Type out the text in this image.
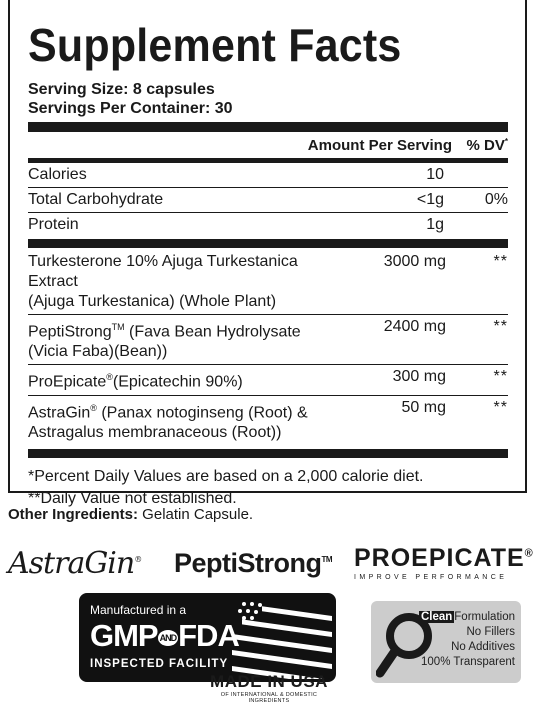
Supplement Facts
Serving Size: 8 capsules
Servings Per Container: 30
Amount Per Serving % DV*
Calories	10
Total Carbohydrate	<1g	0%
Protein	1g
Turkesterone 10% Ajuga Turkestanica Extract
(Ajuga Turkestanica) (Whole Plant)
3000 mg	**
PeptiStrong™ (Fava Bean Hydrolysate
(Vicia Faba)(Bean))
2400 mg	**
ProEpicate®(Epicatechin 90%)	300 mg	**
AstraGin® (Panax notoginseng (Root) &
Astragalus membranaceous (Root))
50 mg	**
*Percent Daily Values are based on a 2,000 calorie diet.
**Daily Value not established.
Other Ingredients: Gelatin Capsule.
AstraGin® PeptiStrong™ PROEPICATE®
IMPROVE PERFORMANCE
Manufactured in a
GMP ANDFDA
INSPECTED FACILITY
MADE IN USA
OF INTERNATIONAL & DOMESTIC INGREDIENTS
Clean Formulation
No Fillers
No Additives
100% Transparent
